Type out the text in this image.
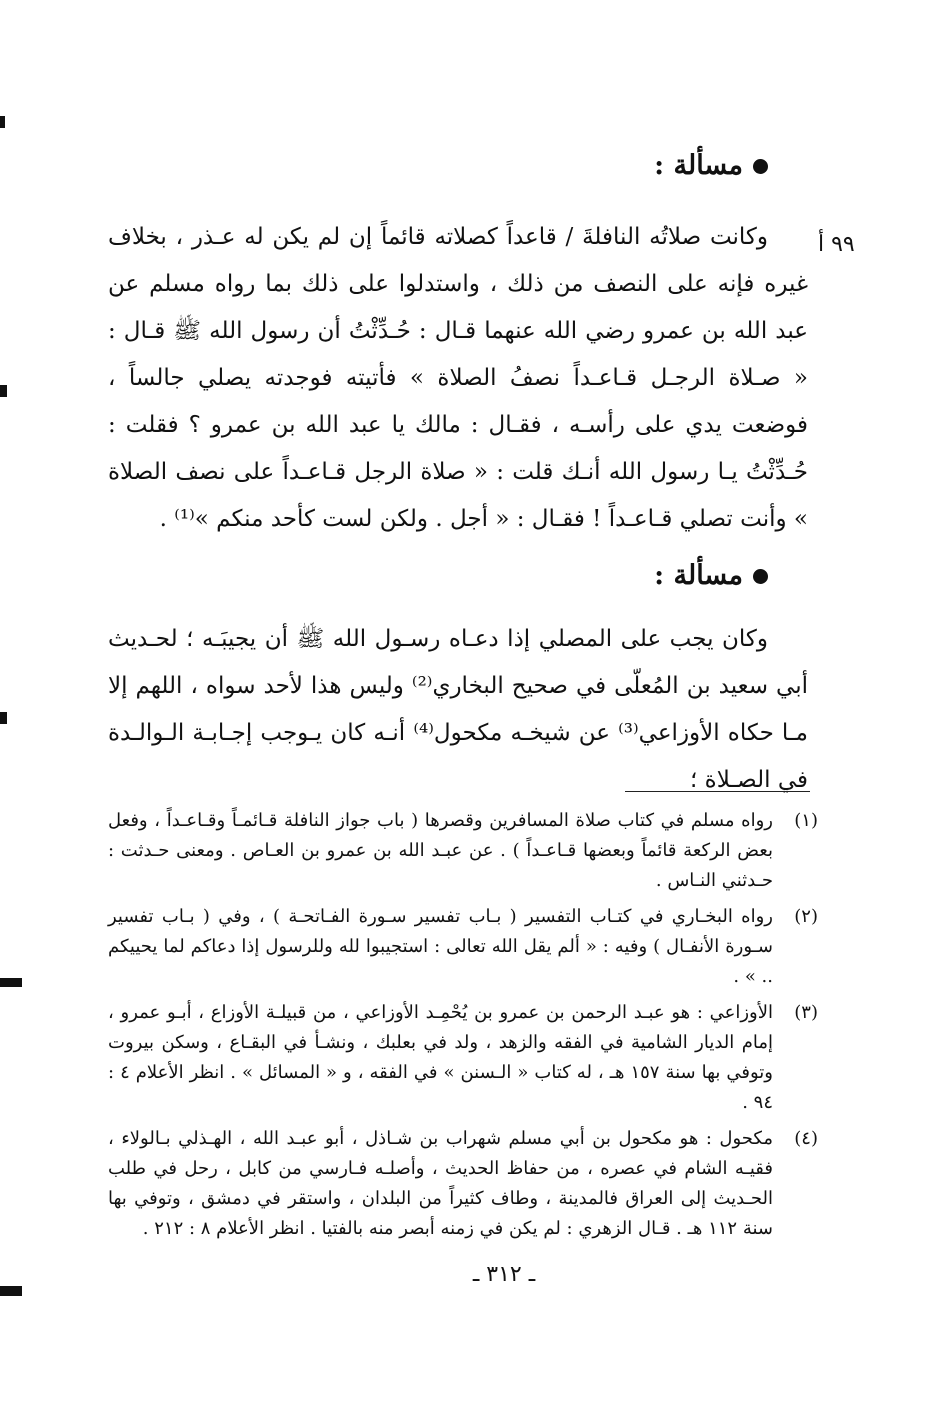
٩٩ أ
مسألة :

وكانت صلاتُه النافلةَ / قاعداً كصلاته قائماً إن لم يكن له عـذر ، بخلاف غيره فإنه على النصف من ذلك ، واستدلوا على ذلك بما رواه مسلم عن عبد الله بن عمرو رضي الله عنهما قـال : حُـدِّثْتُ أن رسول الله ﷺ قـال : « صـلاة الرجـل قـاعـداً نصفُ الصلاة » فأتيته فوجدته يصلي جالساً ، فوضعت يدي على رأسـه ، فقـال : مالك يا عبد الله بن عمرو ؟ فقلت : حُـدِّثْتُ يـا رسول الله أنـك قلت : « صلاة الرجل قـاعـداً على نصف الصلاة » وأنت تصلي قـاعـداً ! فقـال : « أجل . ولكن لست كأحد منكم »⁽¹⁾ .

مسألة :

وكان يجب على المصلي إذا دعـاه رسـول الله ﷺ أن يجيبَـه ؛ لحـديث أبي سعيد بن المُعلّى في صحيح البخاري⁽²⁾ وليس هذا لأحد سواه ، اللهم إلا مـا حكاه الأوزاعي⁽³⁾ عن شيخـه مكحول⁽⁴⁾ أنـه كان يـوجب إجـابـة الـوالـدة في الصـلاة ؛

(١)
رواه مسلم في كتاب صلاة المسافرين وقصرها ( باب جواز النافلة قـائمـاً وقـاعـداً ، وفعل بعض الركعة قائماً وبعضها قـاعـداً ) . عن عبـد الله بن عمرو بن العـاص . ومعنى حـدثت : حـدثني النـاس .
(٢)
رواه البخـاري في كتـاب التفسير ( بـاب تفسير سـورة الفـاتحـة ) ، وفي ( بـاب تفسير سـورة الأنفـال ) وفيه : « ألم يقل الله تعالى : استجيبوا لله وللرسول إذا دعاكم لما يحييكم .. » .
(٣)
الأوزاعي : هو عبـد الرحمن بن عمرو بن يُحْمِـد الأوزاعي ، من قبيلـة الأوزاع ، أبـو عمرو ، إمام الديار الشامية في الفقه والزهد ، ولد في بعلبك ، ونشـأ في البقـاع ، وسكن بيروت وتوفي بها سنة ١٥٧ هـ ، له كتاب « الـسنن » في الفقه ، و « المسائل » . انظر الأعلام ٤ : ٩٤ .
(٤)
مكحول : هو مكحول بن أبي مسلم شهراب بن شـاذل ، أبو عبـد الله ، الهـذلي بـالولاء ، فقيـه الشام في عصره ، من حفاظ الحديث ، وأصلـه فـارسي من كابل ، رحل في طلب الحـديث إلى العراق فالمدينة ، وطاف كثيراً من البلدان ، واستقر في دمشق ، وتوفي بها سنة ١١٢ هـ . قـال الزهري : لم يكن في زمنه أبصر منه بالفتيا . انظر الأعلام ٨ : ٢١٢ .
ـ ٣١٢ ـ
